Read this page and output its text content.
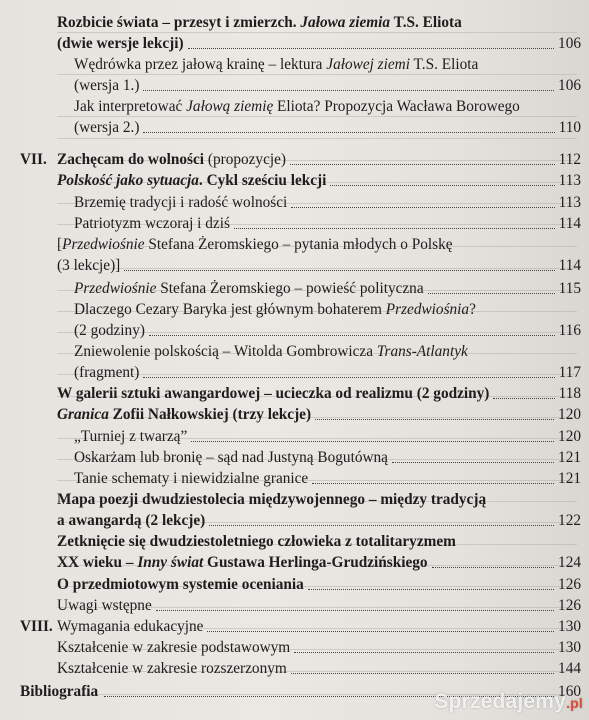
Rozbicie świata – przesyt i zmierzch. Jałowa ziemia T.S. Eliota
(dwie wersje lekcji)	106
Wędrówka przez jałową krainę – lektura Jałowej ziemi T.S. Eliota
(wersja 1.)	106
Jak interpretować Jałową ziemię Eliota? Propozycja Wacława Borowego
(wersja 2.)	110
VII. Zachęcam do wolności (propozycje)	112
Polskość jako sytuacja. Cykl sześciu lekcji	113
Brzemię tradycji i radość wolności	113
Patriotyzm wczoraj i dziś	114
[Przedwiośnie Stefana Żeromskiego – pytania młodych o Polskę
(3 lekcje)]	114
Przedwiośnie Stefana Żeromskiego – powieść polityczna	115
Dlaczego Cezary Baryka jest głównym bohaterem Przedwiośnia?
(2 godziny)	116
Zniewolenie polskością – Witolda Gombrowicza Trans-Atlantyk
(fragment)	117
W galerii sztuki awangardowej – ucieczka od realizmu (2 godziny)	118
Granica Zofii Nałkowskiej (trzy lekcje)	120
„Turniej z twarzą”	120
Oskarżam lub bronię – sąd nad Justyną Bogutówną	121
Tanie schematy i niewidzialne granice	121
Mapa poezji dwudziestolecia międzywojennego – między tradycją
a awangardą (2 lekcje)	122
Zetknięcie się dwudziestoletniego człowieka z totalitaryzmem
XX wieku – Inny świat Gustawa Herlinga-Grudzińskiego	124
O przedmiotowym systemie oceniania	126
Uwagi wstępne	126
VIII. Wymagania edukacyjne	130
Kształcenie w zakresie podstawowym	130
Kształcenie w zakresie rozszerzonym	144
Bibliografia	160
Sprzedajemy.pl
